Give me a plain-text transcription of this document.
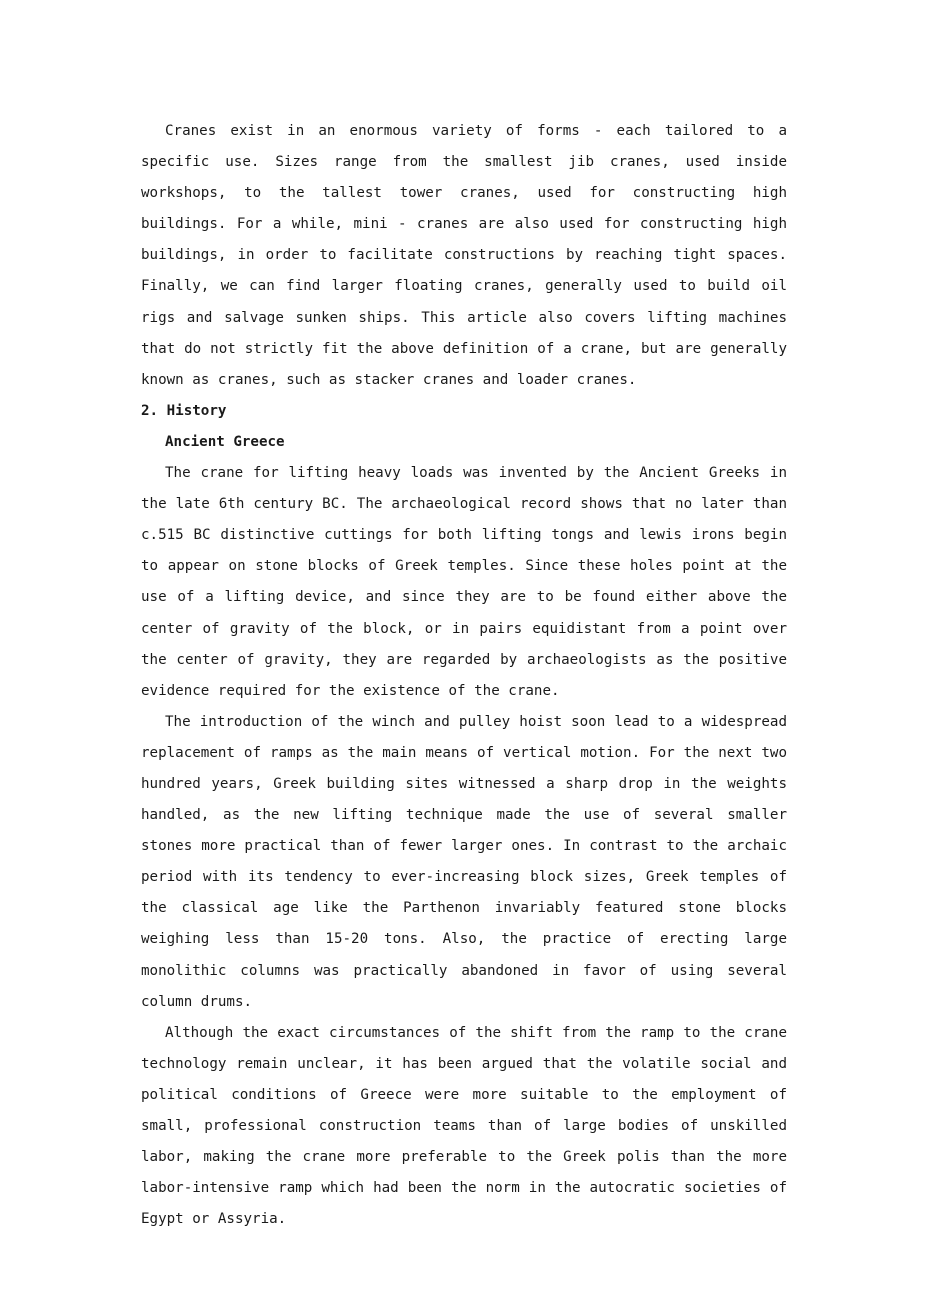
Cranes exist in an enormous variety of forms - each tailored to a specific use. Sizes range from the smallest jib cranes, used inside workshops, to the tallest tower cranes, used for constructing high buildings. For a while, mini - cranes are also used for constructing high buildings, in order to facilitate constructions by reaching tight spaces. Finally, we can find larger floating cranes, generally used to build oil rigs and salvage sunken ships. This article also covers lifting machines that do not strictly fit the above definition of a crane, but are generally known as cranes, such as stacker cranes and loader cranes.

2. History

Ancient Greece

The crane for lifting heavy loads was invented by the Ancient Greeks in the late 6th century BC. The archaeological record shows that no later than c.515 BC distinctive cuttings for both lifting tongs and lewis irons begin to appear on stone blocks of Greek temples. Since these holes point at the use of a lifting device, and since they are to be found either above the center of gravity of the block, or in pairs equidistant from a point over the center of gravity, they are regarded by archaeologists as the positive evidence required for the existence of the crane.

The introduction of the winch and pulley hoist soon lead to a widespread replacement of ramps as the main means of vertical motion. For the next two hundred years, Greek building sites witnessed a sharp drop in the weights handled, as the new lifting technique made the use of several smaller stones more practical than of fewer larger ones. In contrast to the archaic period with its tendency to ever-increasing block sizes, Greek temples of the classical age like the Parthenon invariably featured stone blocks weighing less than 15-20 tons. Also, the practice of erecting large monolithic columns was practically abandoned in favor of using several column drums.

Although the exact circumstances of the shift from the ramp to the crane technology remain unclear, it has been argued that the volatile social and political conditions of Greece were more suitable to the employment of small, professional construction teams than of large bodies of unskilled labor, making the crane more preferable to the Greek polis than the more labor-intensive ramp which had been the norm in the autocratic societies of Egypt or Assyria.
